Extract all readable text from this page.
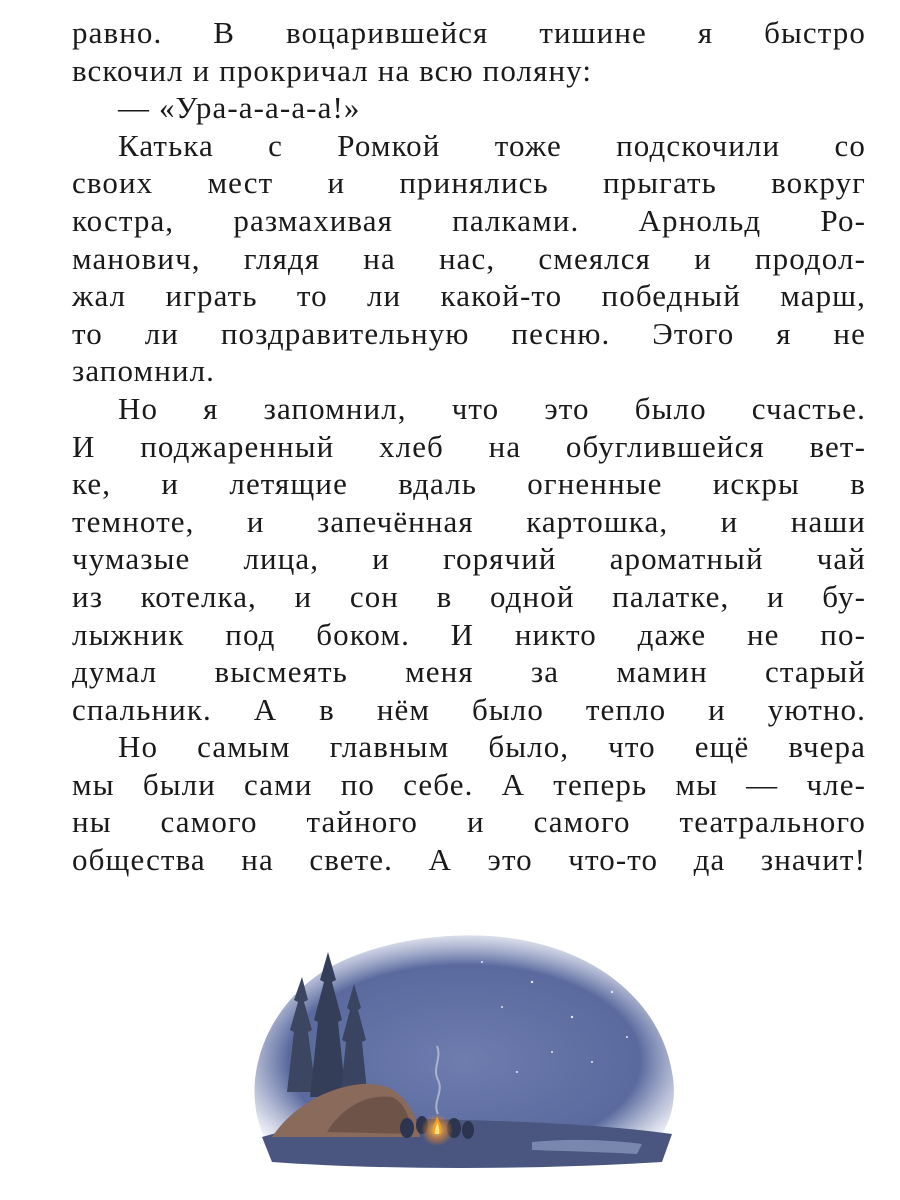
равно. В воцарившейся тишине я быстро
вскочил и прокричал на всю поляну:
— «Ура-а-а-а-а!»
Катька с Ромкой тоже подскочили со
своих мест и принялись прыгать вокруг
костра, размахивая палками. Арнольд Ро-
манович, глядя на нас, смеялся и продол-
жал играть то ли какой-то победный марш,
то ли поздравительную песню. Этого я не
запомнил.
Но я запомнил, что это было счастье.
И поджаренный хлеб на обуглившейся вет-
ке, и летящие вдаль огненные искры в
темноте, и запечённая картошка, и наши
чумазые лица, и горячий ароматный чай
из котелка, и сон в одной палатке, и бу-
лыжник под боком. И никто даже не по-
думал высмеять меня за мамин старый
спальник. А в нём было тепло и уютно.
Но самым главным было, что ещё вчера
мы были сами по себе. А теперь мы — чле-
ны самого тайного и самого театрального
общества на свете. А это что-то да значит!
